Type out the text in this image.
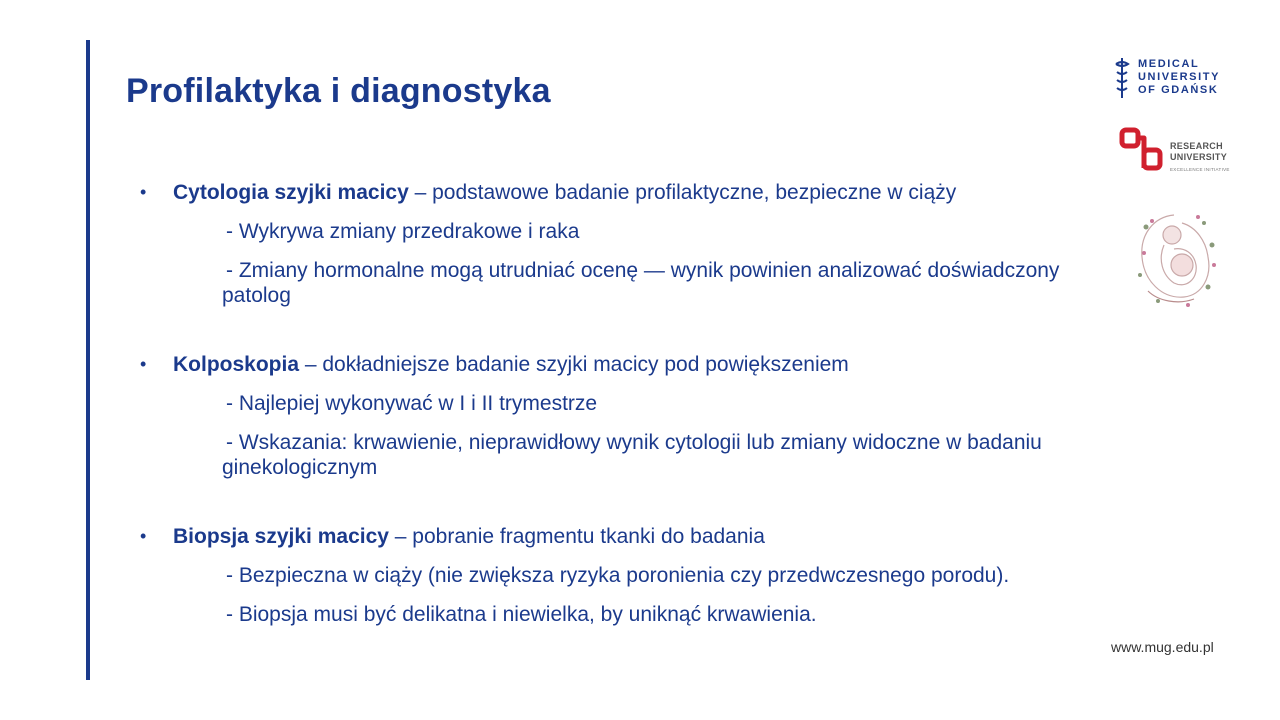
Profilaktyka i diagnostyka
• Cytologia szyjki macicy – podstawowe badanie profilaktyczne, bezpieczne w ciąży
- Wykrywa zmiany przedrakowe i raka
- Zmiany hormonalne mogą utrudniać ocenę — wynik powinien analizować doświadczony patolog
• Kolposkopia – dokładniejsze badanie szyjki macicy pod powiększeniem
- Najlepiej wykonywać w I i II trymestrze
- Wskazania: krwawienie, nieprawidłowy wynik cytologii lub zmiany widoczne w badaniu ginekologicznym
• Biopsja szyjki macicy – pobranie fragmentu tkanki do badania
- Bezpieczna w ciąży (nie zwiększa ryzyka poronienia czy przedwczesnego porodu).
- Biopsja musi być delikatna i niewielka, by uniknąć krwawienia.
MEDICAL
UNIVERSITY
OF GDAŃSK
RESEARCH
UNIVERSITY
EXCELLENCE INITIATIVE
www.mug.edu.pl
